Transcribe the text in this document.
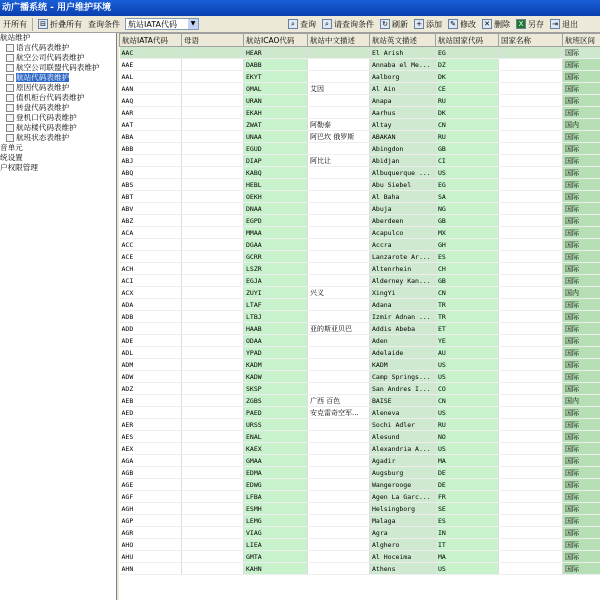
动广播系统 - 用户维护环境
开所有 ⊟ 折叠所有 查询条件 航站IATA代码	▼	⌕ 查询	⌕ 请查询条件 ↻ 刷新 + 添加 ✎ 修改 ✕ 删除	X 另存 ⇥ 退出
航站维护
语言代码表维护
航空公司代码表维护
航空公司联盟代码表维护
航站代码表维护
原因代码表维护
值机柜台代码表维护
转盘代码表维护
登机口代码表维护
航站楼代码表维护
航班状态表维护
音单元
统设置
户权限管理
航站IATA代码	母语	航站ICAO代码	航站中文描述	航站英文描述	航站国家代码	国家名称	航班区间
AAC		HEAR		El Arish	EG		国际
AAE		DABB		Annaba el Me...	DZ		国际
AAL		EKYT		Aalborg	DK		国际
AAN		OMAL	艾因	Al Ain	CE		国际
AAQ		URAN		Anapa	RU		国际
AAR		EKAH		Aarhus	DK		国际
AAT		ZWAT	阿勒泰	Altay	CN		国内
ABA		UNAA	阿巴坎 俄罗斯	ABAKAN	RU		国际
ABB		EGUD		Abingdon	GB		国际
ABJ		DIAP	阿比让	Abidjan	CI		国际
ABQ		KABQ		Albuquerque ...	US		国际
ABS		HEBL		Abu Siebel	EG		国际
ABT		OEKH		Al Baha	SA		国际
ABV		DNAA		Abuja	NG		国际
ABZ		EGPD		Aberdeen	GB		国际
ACA		MMAA		Acapulco	MX		国际
ACC		DGAA		Accra	GH		国际
ACE		GCRR		Lanzarote Ar...	ES		国际
ACH		LSZR		Altenrhein	CH		国际
ACI		EGJA		Alderney Kan...	GB		国际
ACX		ZUYI	兴义	XingYi	CN		国内
ADA		LTAF		Adana	TR		国际
ADB		LTBJ		Izmir Adnan ...	TR		国际
ADD		HAAB	亚的斯亚贝巴	Addis Abeba	ET		国际
ADE		ODAA		Aden	YE		国际
ADL		YPAD		Adelaide	AU		国际
ADM		KADM		KADM	US		国际
ADW		KADW		Camp Springs...	US		国际
ADZ		SKSP		San Andres I...	CO		国际
AEB		ZGBS	广西 百色	BAISE	CN		国内
AED		PAED	安克雷奇空军...	Aleneva	US		国际
AER		URSS		Sochi Adler	RU		国际
AES		ENAL		Alesund	NO		国际
AEX		KAEX		Alexandria A...	US		国际
AGA		GMAA		Agadir	MA		国际
AGB		EDMA		Augsburg	DE		国际
AGE		EDWG		Wangerooge	DE		国际
AGF		LFBA		Agen La Garc...	FR		国际
AGH		ESMH		Helsingborg	SE		国际
AGP		LEMG		Malaga	ES		国际
AGR		VIAG		Agra	IN		国际
AHO		LIEA		Alghero	IT		国际
AHU		GMTA		Al Hoceima	MA		国际
AHN		KAHN		Athens	US		国际
